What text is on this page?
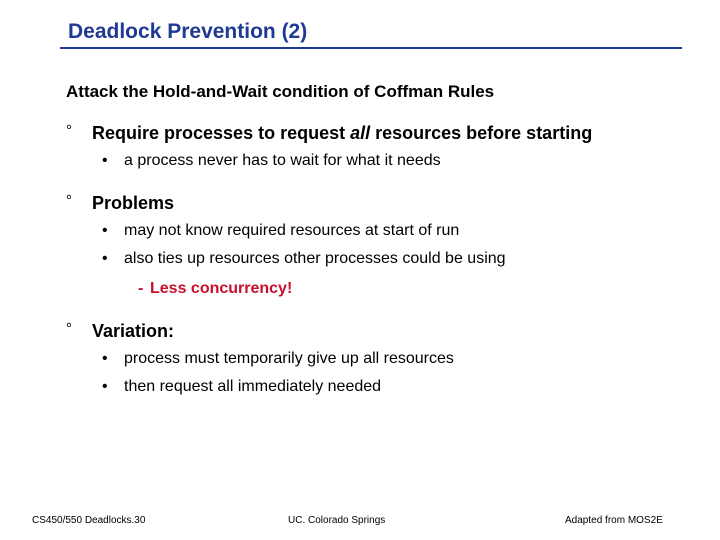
Deadlock Prevention (2)
Attack the Hold-and-Wait condition of Coffman Rules
° Require processes to request all resources before starting
• a process never has to wait for what it needs
° Problems
• may not know required resources at start of run
• also ties up resources other processes could be using
- Less concurrency!
° Variation:
• process must temporarily give up all resources
• then request all immediately needed
CS450/550 Deadlocks.30	UC. Colorado Springs	Adapted from MOS2E
